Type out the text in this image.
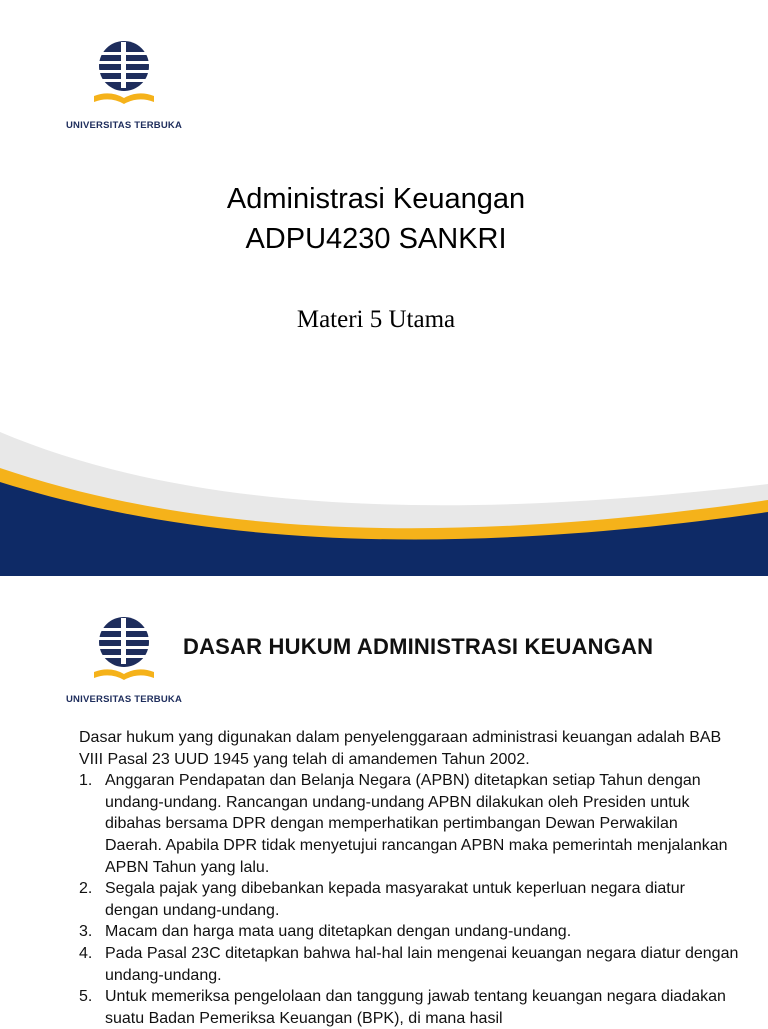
UNIVERSITAS TERBUKA
Administrasi Keuangan
ADPU4230 SANKRI
Materi 5 Utama
UNIVERSITAS TERBUKA
DASAR HUKUM ADMINISTRASI KEUANGAN

Dasar hukum yang digunakan dalam penyelenggaraan administrasi keuangan adalah BAB VIII Pasal 23 UUD 1945 yang telah di amandemen Tahun 2002.

1. Anggaran Pendapatan dan Belanja Negara (APBN) ditetapkan setiap Tahun dengan undang-undang. Rancangan undang-undang APBN dilakukan oleh Presiden untuk dibahas bersama DPR dengan memperhatikan pertimbangan Dewan Perwakilan Daerah. Apabila DPR tidak menyetujui rancangan APBN maka pemerintah menjalankan APBN Tahun yang lalu.
2. Segala pajak yang dibebankan kepada masyarakat untuk keperluan negara diatur dengan undang-undang.
3. Macam dan harga mata uang ditetapkan dengan undang-undang.
4. Pada Pasal 23C ditetapkan bahwa hal-hal lain mengenai keuangan negara diatur dengan undang-undang.
5. Untuk memeriksa pengelolaan dan tanggung jawab tentang keuangan negara diadakan suatu Badan Pemeriksa Keuangan (BPK), di mana hasil
